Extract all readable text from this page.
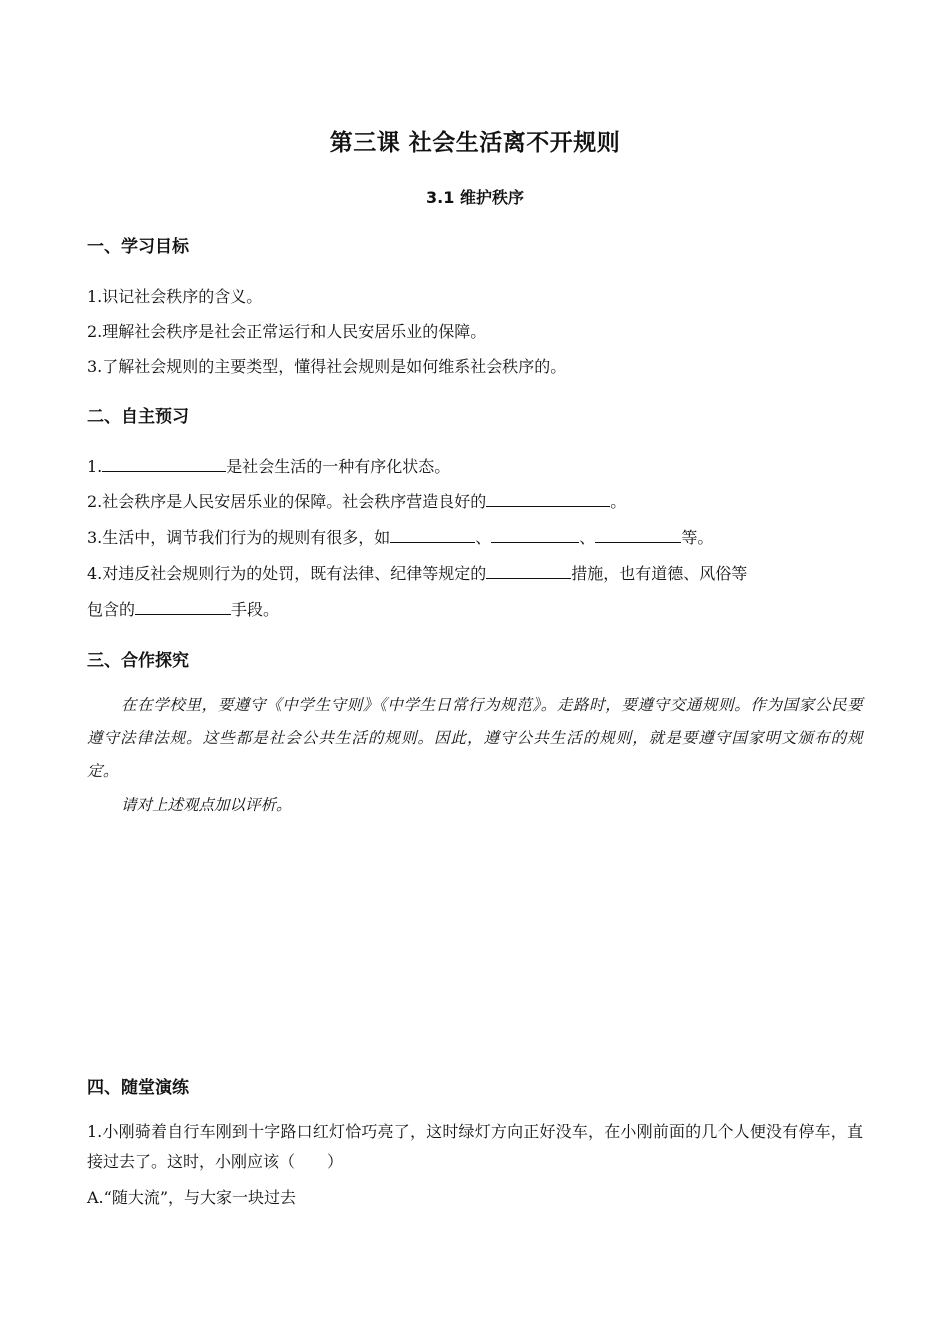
第三课 社会生活离不开规则
3.1 维护秩序
一、学习目标
1.识记社会秩序的含义。
2.理解社会秩序是社会正常运行和人民安居乐业的保障。
3.了解社会规则的主要类型，懂得社会规则是如何维系社会秩序的。
二、自主预习
1.	是社会生活的一种有序化状态。
2.社会秩序是人民安居乐业的保障。社会秩序营造良好的	。
3.生活中，调节我们行为的规则有很多，如	、	、	等。
4.对违反社会规则行为的处罚，既有法律、纪律等规定的	措施，也有道德、风俗等
包含的	手段。
三、合作探究
在在学校里，要遵守《中学生守则》《中学生日常行为规范》。走路时，要遵守交通规则。作为国家公民要遵守法律法规。这些都是社会公共生活的规则。因此，遵守公共生活的规则，就是要遵守国家明文颁布的规定。
请对上述观点加以评析。
四、随堂演练
1.小刚骑着自行车刚到十字路口红灯恰巧亮了，这时绿灯方向正好没车，在小刚前面的几个人便没有停车，直接过去了。这时，小刚应该（　　）
A.“随大流”，与大家一块过去
